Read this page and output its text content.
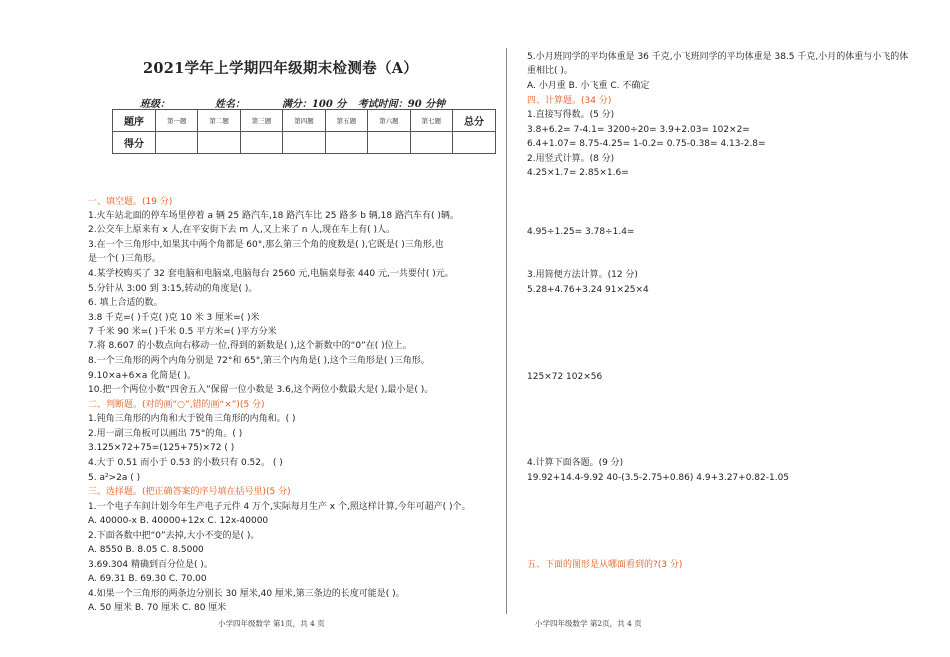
2021学年上学期四年级期末检测卷（A）
班级：	姓名：	满分：100 分 考试时间：90 分钟
题序	第一题	第二题	第三题	第四题	第五题	第六题	第七题	总分
得分								
一、填空题。(19 分)
1.火车站北面的停车场里停着 a 辆 25 路汽车,18 路汽车比 25 路多 b 辆,18 路汽车有( )辆。
2.公交车上原来有 x 人,在平安街下去 m 人,又上来了 n 人,现在车上有( )人。
3.在一个三角形中,如果其中两个角都是 60°,那么第三个角的度数是( ),它既是( )三角形,也
是一个( )三角形。
4.某学校购买了 32 套电脑和电脑桌,电脑每台 2560 元,电脑桌每张 440 元,一共要付( )元。
5.分针从 3:00 到 3:15,转动的角度是( )。
6. 填上合适的数。
3.8 千克=( )千克( )克 10 米 3 厘米=( )米
7 千米 90 米=( )千米 0.5 平方米=( )平方分米
7.将 8.607 的小数点向右移动一位,得到的新数是( ),这个新数中的“0”在( )位上。
8.一个三角形的两个内角分别是 72°和 65°,第三个内角是( ),这个三角形是( )三角形。
9.10×a+6×a 化简是( )。
10.把一个两位小数“四舍五入”保留一位小数是 3.6,这个两位小数最大是( ),最小是( )。
二、判断题。(对的画“○”,错的画“×”)(5 分)
1.钝角三角形的内角和大于锐角三角形的内角和。( )
2.用一副三角板可以画出 75°的角。( )
3.125×72+75=(125+75)×72 ( )
4.大于 0.51 而小于 0.53 的小数只有 0.52。 ( )
5. a²>2a ( )
三、选择题。(把正确答案的序号填在括号里)(5 分)
1.一个电子车间计划今年生产电子元件 4 万个,实际每月生产 x 个,照这样计算,今年可超产( )个。
A. 40000-x B. 40000+12x C. 12x-40000
2.下面各数中把“0”去掉,大小不变的是( )。
A. 8550 B. 8.05 C. 8.5000
3.69.304 精确到百分位是( )。
A. 69.31 B. 69.30 C. 70.00
4.如果一个三角形的两条边分别长 30 厘米,40 厘米,第三条边的长度可能是( )。
A. 50 厘米 B. 70 厘米 C. 80 厘米
小学四年级数学 第1页，共 4 页
5.小月班同学的平均体重是 36 千克,小飞班同学的平均体重是 38.5 千克,小月的体重与小飞的体
重相比( )。
A. 小月重 B. 小飞重 C. 不确定
四、计算题。(34 分)
1.直接写得数。(5 分)
3.8+6.2= 7-4.1= 3200÷20= 3.9+2.03= 102×2=
6.4+1.07= 8.75-4.25= 1-0.2= 0.75-0.38= 4.13-2.8=
2.用竖式计算。(8 分)
4.25×1.7= 2.85×1.6=
4.95÷1.25= 3.78÷1.4=
3.用简便方法计算。(12 分)
5.28+4.76+3.24 91×25×4
125×72 102×56
4.计算下面各题。(9 分)
19.92+14.4-9.92 40-(3.5-2.75+0.86) 4.9+3.27+0.82-1.05
五、下面的图形是从哪面看到的?(3 分)
小学四年级数学 第2页，共 4 页
